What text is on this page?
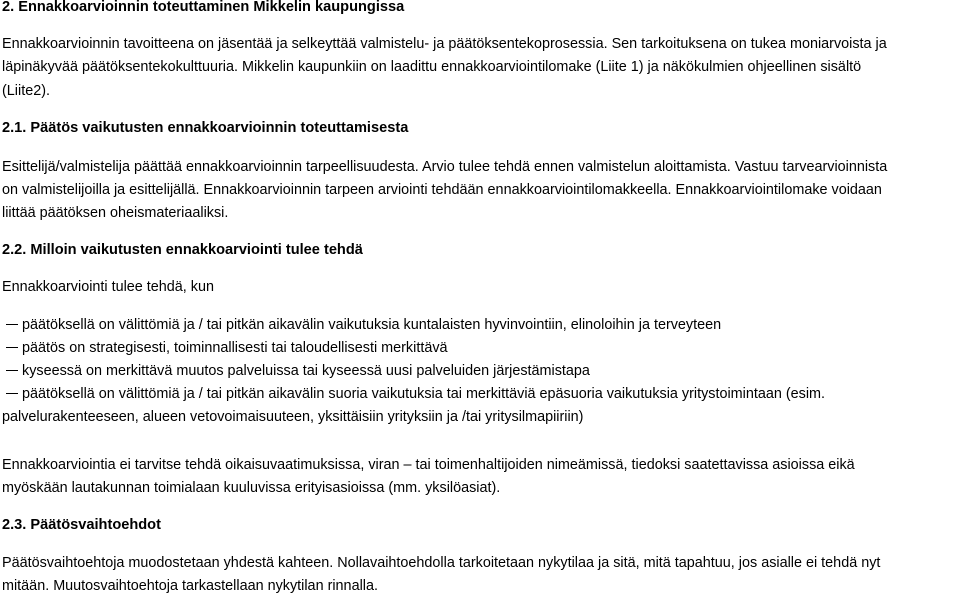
2. Ennakkoarvioinnin toteuttaminen Mikkelin kaupungissa
Ennakkoarvioinnin tavoitteena on jäsentää ja selkeyttää valmistelu- ja päätöksentekoprosessia. Sen tarkoituksena on tukea moniarvoista ja
läpinäkyvää päätöksentekokulttuuria. Mikkelin kaupunkiin on laadittu ennakkoarviointilomake (Liite 1) ja näkökulmien ohjeellinen sisältö
(Liite2).
2.1. Päätös vaikutusten ennakkoarvioinnin toteuttamisesta
Esittelijä/valmistelija päättää ennakkoarvioinnin tarpeellisuudesta. Arvio tulee tehdä ennen valmistelun aloittamista. Vastuu tarvearvioinnista
on valmistelijoilla ja esittelijällä. Ennakkoarvioinnin tarpeen arviointi tehdään ennakkoarviointilomakkeella. Ennakkoarviointilomake voidaan
liittää päätöksen oheismateriaaliksi.
2.2. Milloin vaikutusten ennakkoarviointi tulee tehdä
Ennakkoarviointi tulee tehdä, kun
päätöksellä on välittömiä ja / tai pitkän aikavälin vaikutuksia kuntalaisten hyvinvointiin, elinoloihin ja terveyteen
päätös on strategisesti, toiminnallisesti tai taloudellisesti merkittävä
kyseessä on merkittävä muutos palveluissa tai kyseessä uusi palveluiden järjestämistapa
päätöksellä on välittömiä ja / tai pitkän aikavälin suoria vaikutuksia tai merkittäviä epäsuoria vaikutuksia yritystoimintaan (esim.
palvelurakenteeseen, alueen vetovoimaisuuteen, yksittäisiin yrityksiin ja /tai yritysilmapiiriin)
Ennakkoarviointia ei tarvitse tehdä oikaisuvaatimuksissa, viran – tai toimenhaltijoiden nimeämissä, tiedoksi saatettavissa asioissa eikä
myöskään lautakunnan toimialaan kuuluvissa erityisasioissa (mm. yksilöasiat).
2.3. Päätösvaihtoehdot
Päätösvaihtoehtoja muodostetaan yhdestä kahteen. Nollavaihtoehdolla tarkoitetaan nykytilaa ja sitä, mitä tapahtuu, jos asialle ei tehdä nyt
mitään. Muutosvaihtoehtoja tarkastellaan nykytilan rinnalla.
